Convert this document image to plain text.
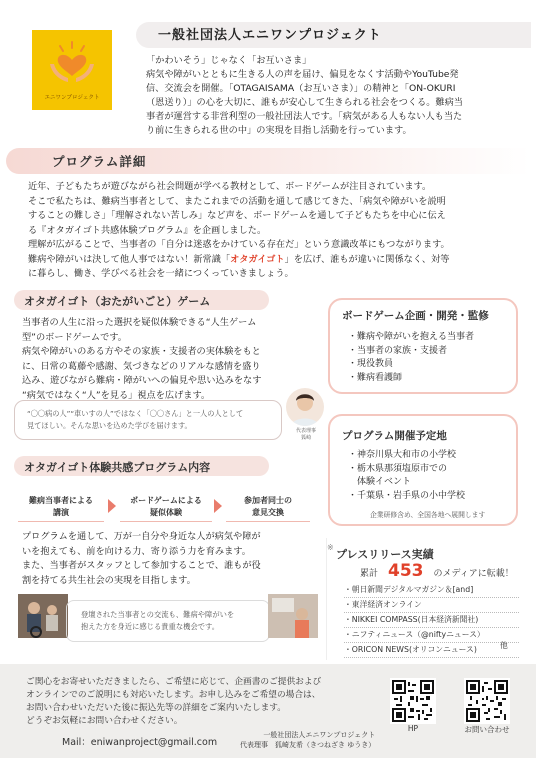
エニワンプロジェクト
一般社団法人エニワンプロジェクト
「かわいそう」じゃなく「お互いさま」
病気や障がいとともに生きる人の声を届け、偏見をなくす活動やYouTube発
信、交流会を開催。「OTAGAISAMA（お互いさま）」の精神と「ON-OKURI
（恩送り）」の心を大切に、誰もが安心して生きられる社会をつくる。難病当
事者が運営する非営利型の一般社団法人です。「病気がある人もない人も当た
り前に生きられる世の中」の実現を目指し活動を行っています。
プログラム詳細
近年、子どもたちが遊びながら社会問題が学べる教材として、ボードゲームが注目されています。
そこで私たちは、難病当事者として、またこれまでの活動を通して感じてきた、「病気や障がいを説明
することの難しさ」「理解されない苦しみ」など声を、ボードゲームを通して子どもたちを中心に伝え
る『オタガイゴト共感体験プログラム』を企画しました。
理解が広がることで、当事者の「自分は迷惑をかけている存在だ」という意識改革にもつながります。
難病や障がいは決して他人事ではない！新常識「オタガイゴト」を広げ、誰もが違いに関係なく、対等
に暮らし、働き、学びべる社会を一緒につくっていきましょう。
オタガイゴト（おたがいごと）ゲーム
当事者の人生に沿った選択を疑似体験できる“人生ゲーム
型”のボードゲームです。
病気や障がいのある方やその家族・支援者の実体験をもと
に、日常の葛藤や感謝、気づきなどのリアルな感情を盛り
込み、遊びながら難病・障がいへの偏見や思い込みをなす
“病気ではなく“人”を見る」視点を広げます。
“〇〇病の人”“車いすの人”ではなく「〇〇さん」と一人の人として
見てほしい。そんな思いを込めた学びを届けます。
代表理事
狐崎
オタガイゴト体験共感プログラム内容
難病当事者による
講演
ボードゲームによる
疑似体験
参加者同士の
意見交換
プログラムを通して、万が一自分や身近な人が病気や障が
いを抱えても、前を向ける力、寄り添う力を育みます。
また、当事者がスタッフとして参加することで、誰もが役
割を持てる共生社会の実現を目指します。
登壇された当事者との交流も、難病や障がいを
抱えた方を身近に感じる貴重な機会です。
ボードゲーム企画・開発・監修
・難病や障がいを抱える当事者
・当事者の家族・支援者
・現役教員
・難病看護師
プログラム開催予定地
・神奈川県大和市の小学校
・栃木県那須塩原市での
　体験イベント
・千葉県・岩手県の小中学校
企業研修含め、全国各地へ展開します
※
プレスリリース実績
累計 453 のメディアに転載！
・朝日新聞デジタルマガジン＆[and]
・東洋経済オンライン
・NIKKEI COMPASS(日本経済新聞社)
・ニフティニュース（@niftyニュース）
・ORICON NEWS(オリコンニュース)	他
ご関心をお寄せいただきましたら、ご希望に応じて、企画書のご提供および
オンラインでのご説明にも対応いたします。お申し込みをご希望の場合は、
お問い合わせいただいた後に振込先等の詳細をご案内いたします。
どうぞお気軽にお問い合わせください。
Mail：eniwanproject@gmail.com
一般社団法人エニワンプロジェクト
代表理事　狐崎友希（きつねざき ゆうき）
HP	お問い合わせ
